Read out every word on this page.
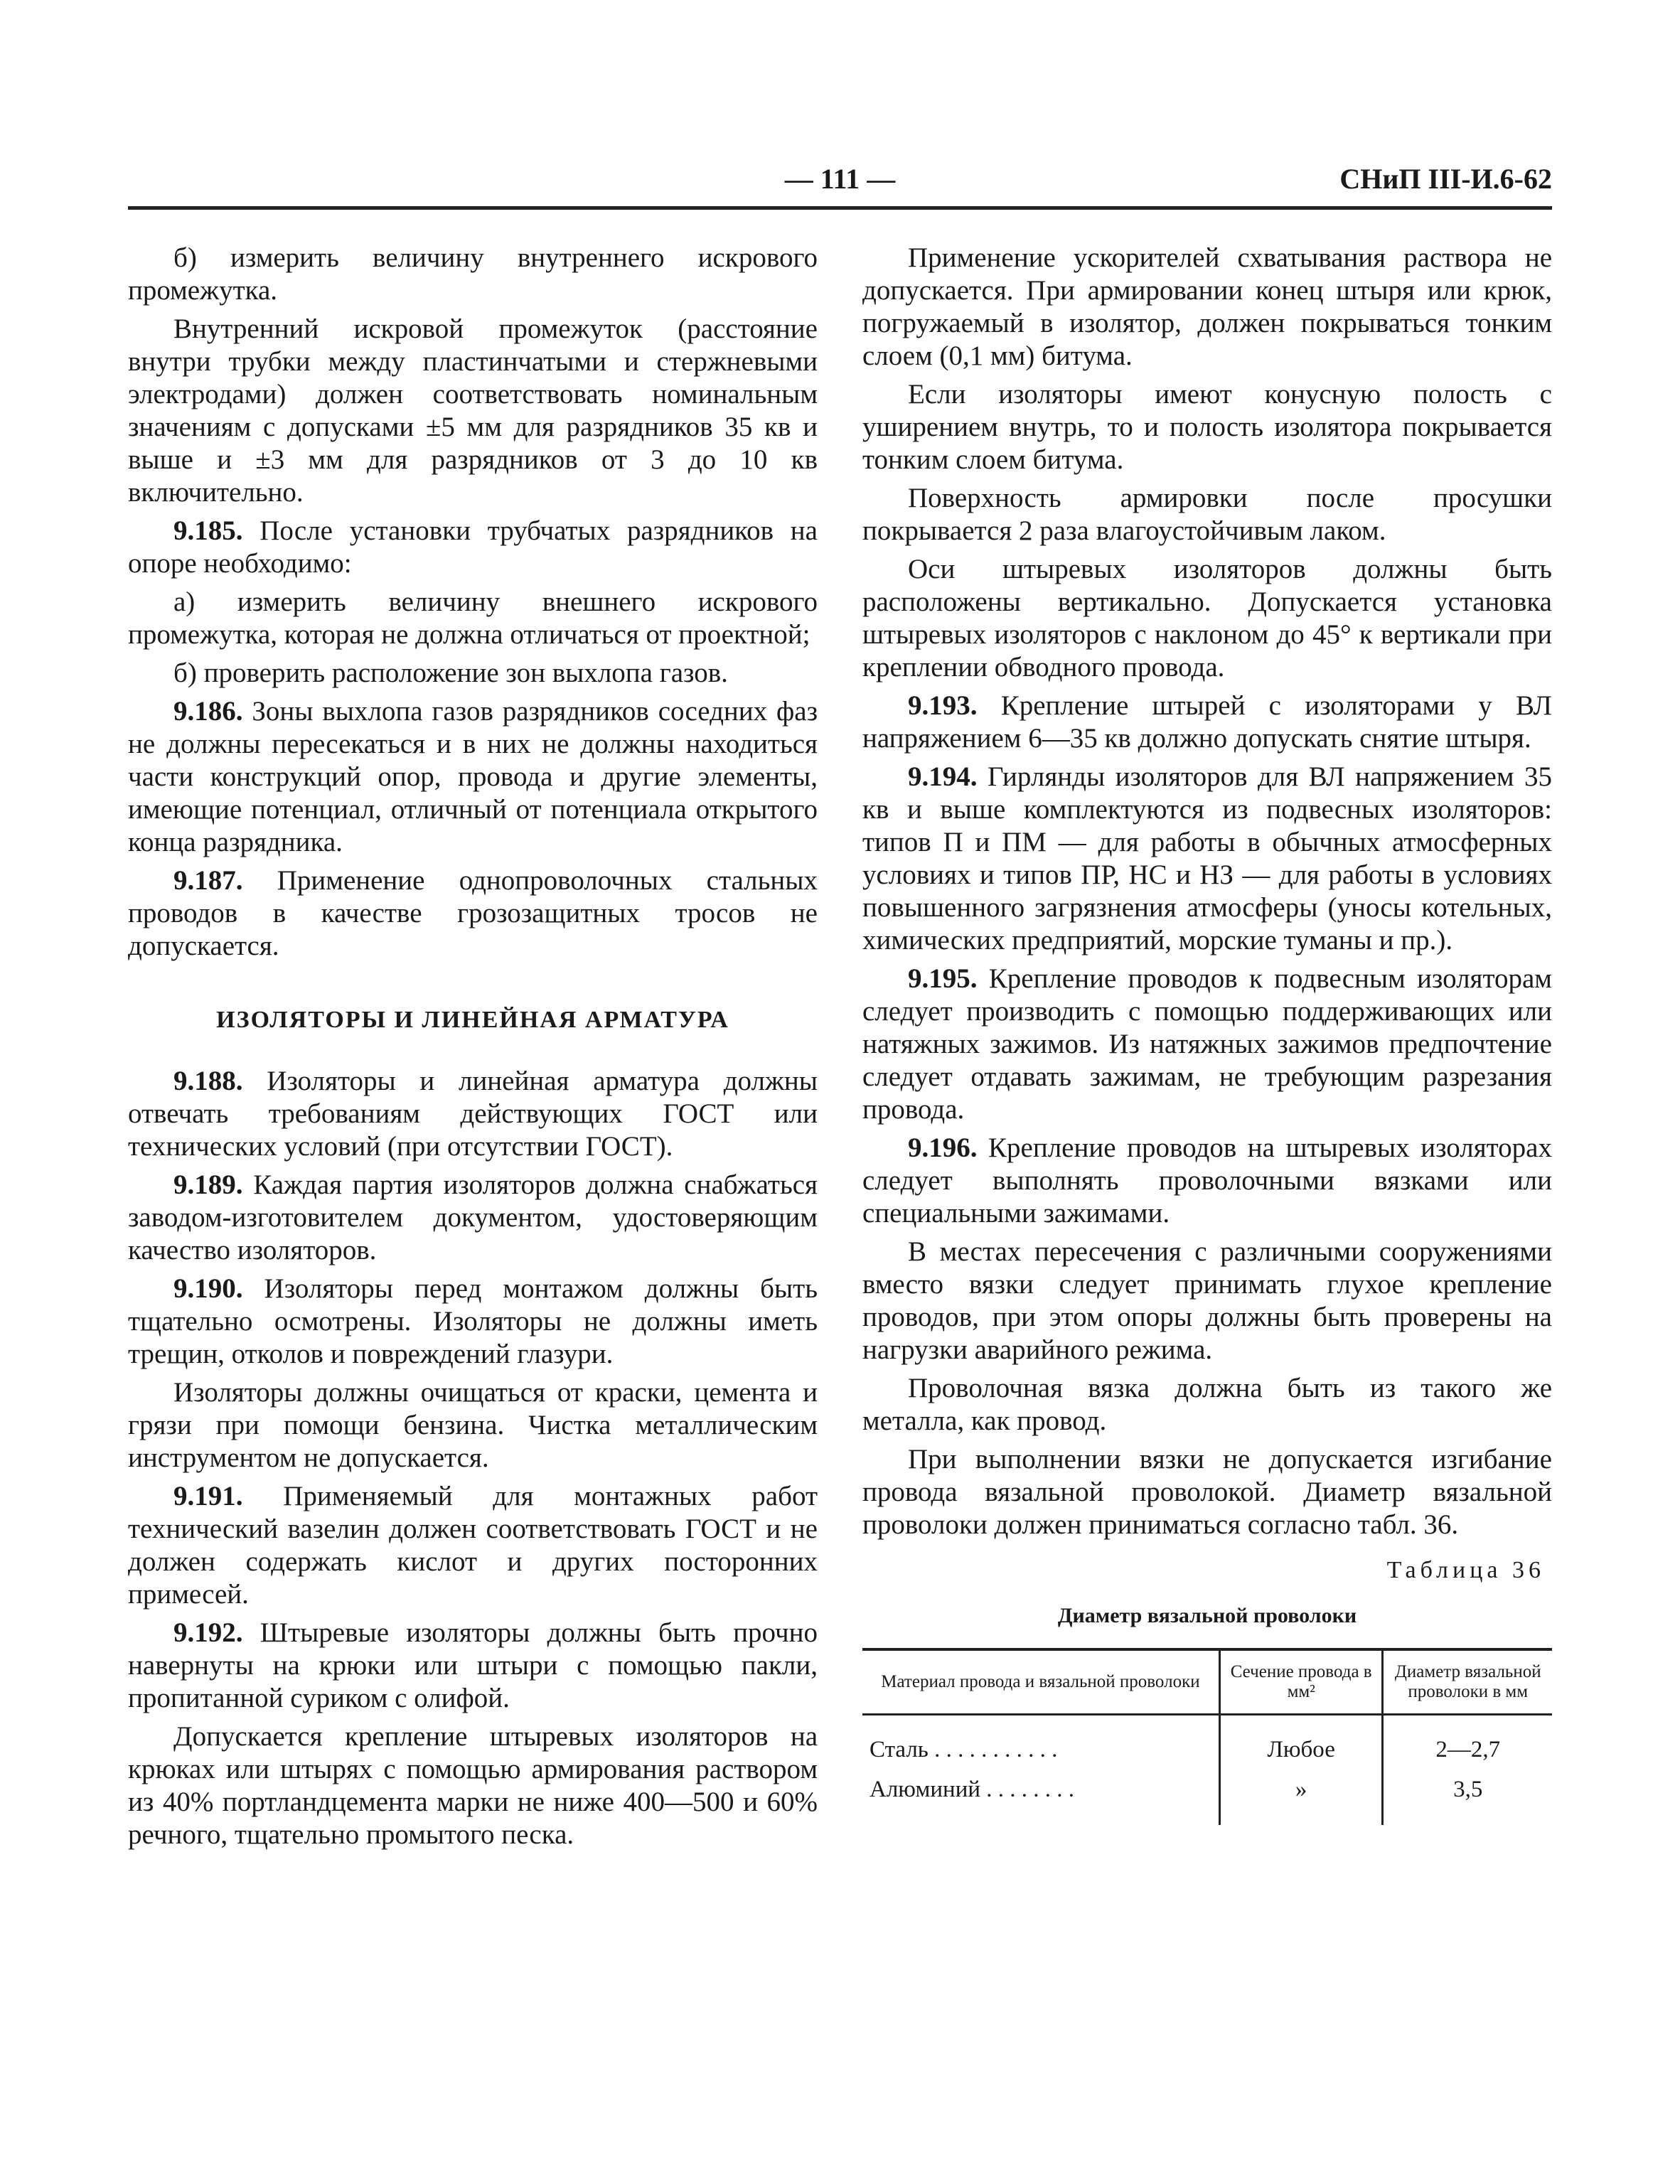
— 111 —	СНиП III-И.6-62

б) измерить величину внутреннего искрового промежутка.

Внутренний искровой промежуток (расстояние внутри трубки между пластинчатыми и стержневыми электродами) должен соответствовать номинальным значениям с допусками ±5 мм для разрядников 35 кв и выше и ±3 мм для разрядников от 3 до 10 кв включительно.

9.185. После установки трубчатых разрядников на опоре необходимо:

а) измерить величину внешнего искрового промежутка, которая не должна отличаться от проектной;

б) проверить расположение зон выхлопа газов.

9.186. Зоны выхлопа газов разрядников соседних фаз не должны пересекаться и в них не должны находиться части конструкций опор, провода и другие элементы, имеющие потенциал, отличный от потенциала открытого конца разрядника.

9.187. Применение однопроволочных стальных проводов в качестве грозозащитных тросов не допускается.

ИЗОЛЯТОРЫ И ЛИНЕЙНАЯ АРМАТУРА

9.188. Изоляторы и линейная арматура должны отвечать требованиям действующих ГОСТ или технических условий (при отсутствии ГОСТ).

9.189. Каждая партия изоляторов должна снабжаться заводом-изготовителем документом, удостоверяющим качество изоляторов.

9.190. Изоляторы перед монтажом должны быть тщательно осмотрены. Изоляторы не должны иметь трещин, отколов и повреждений глазури.

Изоляторы должны очищаться от краски, цемента и грязи при помощи бензина. Чистка металлическим инструментом не допускается.

9.191. Применяемый для монтажных работ технический вазелин должен соответствовать ГОСТ и не должен содержать кислот и других посторонних примесей.

9.192. Штыревые изоляторы должны быть прочно навернуты на крюки или штыри с помощью пакли, пропитанной суриком с олифой.

Допускается крепление штыревых изоляторов на крюках или штырях с помощью армирования раствором из 40% портландцемента марки не ниже 400—500 и 60% речного, тщательно промытого песка.

Применение ускорителей схватывания раствора не допускается. При армировании конец штыря или крюк, погружаемый в изолятор, должен покрываться тонким слоем (0,1 мм) битума.

Если изоляторы имеют конусную полость с уширением внутрь, то и полость изолятора покрывается тонким слоем битума.

Поверхность армировки после просушки покрывается 2 раза влагоустойчивым лаком.

Оси штыревых изоляторов должны быть расположены вертикально. Допускается установка штыревых изоляторов с наклоном до 45° к вертикали при креплении обводного провода.

9.193. Крепление штырей с изоляторами у ВЛ напряжением 6—35 кв должно допускать снятие штыря.

9.194. Гирлянды изоляторов для ВЛ напряжением 35 кв и выше комплектуются из подвесных изоляторов: типов П и ПМ — для работы в обычных атмосферных условиях и типов ПР, НС и НЗ — для работы в условиях повышенного загрязнения атмосферы (уносы котельных, химических предприятий, морские туманы и пр.).

9.195. Крепление проводов к подвесным изоляторам следует производить с помощью поддерживающих или натяжных зажимов. Из натяжных зажимов предпочтение следует отдавать зажимам, не требующим разрезания провода.

9.196. Крепление проводов на штыревых изоляторах следует выполнять проволочными вязками или специальными зажимами.

В местах пересечения с различными сооружениями вместо вязки следует принимать глухое крепление проводов, при этом опоры должны быть проверены на нагрузки аварийного режима.

Проволочная вязка должна быть из такого же металла, как провод.

При выполнении вязки не допускается изгибание провода вязальной проволокой. Диаметр вязальной проволоки должен приниматься согласно табл. 36.

Таблица 36
Диаметр вязальной проволоки
Материал провода и вязальной проволоки	Сечение провода в мм²	Диаметр вязальной проволоки в мм
Сталь . . . . . . . . . . .	Любое	2—2,7
Алюминий . . . . . . . .	»	3,5
